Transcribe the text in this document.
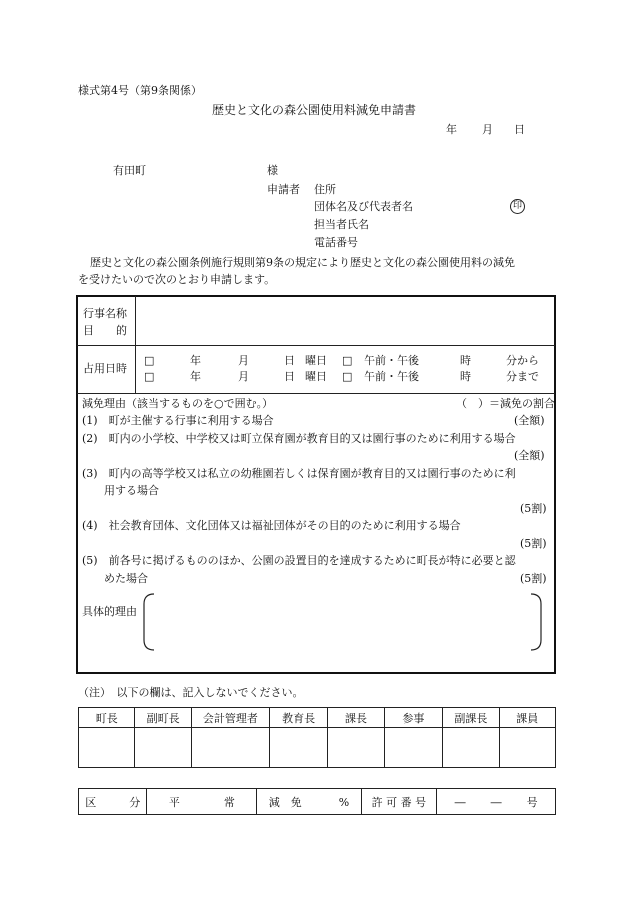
様式第4号（第9条関係）
歴史と文化の森公園使用料減免申請書
年 月 日
有田町	様
申請者 住所
団体名及び代表者名	印
担当者氏名
電話番号
歴史と文化の森公園条例施行規則第9条の規定により歴史と文化の森公園使用料の減免
を受けたいので次のとおり申請します。
行事名称
目　　的
占用日時
□	年	月	日 曜日 □ 午前・午後	時	分から
□	年	月	日 曜日 □ 午前・午後	時	分まで
減免理由（該当するものを○で囲む。）	（　）＝減免の割合
(1)　町が主催する行事に利用する場合	(全額)
(2)　町内の小学校、中学校又は町立保育園が教育目的又は園行事のために利用する場合
(全額)
(3)　町内の高等学校又は私立の幼稚園若しくは保育園が教育目的又は園行事のために利
　　用する場合
(5割)
(4)　社会教育団体、文化団体又は福祉団体がその目的のために利用する場合
(5割)
(5)　前各号に掲げるもののほか、公園の設置目的を達成するために町長が特に必要と認
　　めた場合	(5割)
具体的理由
（注）　以下の欄は、記入しないでください。
町長	副町長	会計管理者	教育長	課長	参事	副課長	課員

区　　　分	平　　　　常	減　免	%	許 可 番 号	― ― 号
